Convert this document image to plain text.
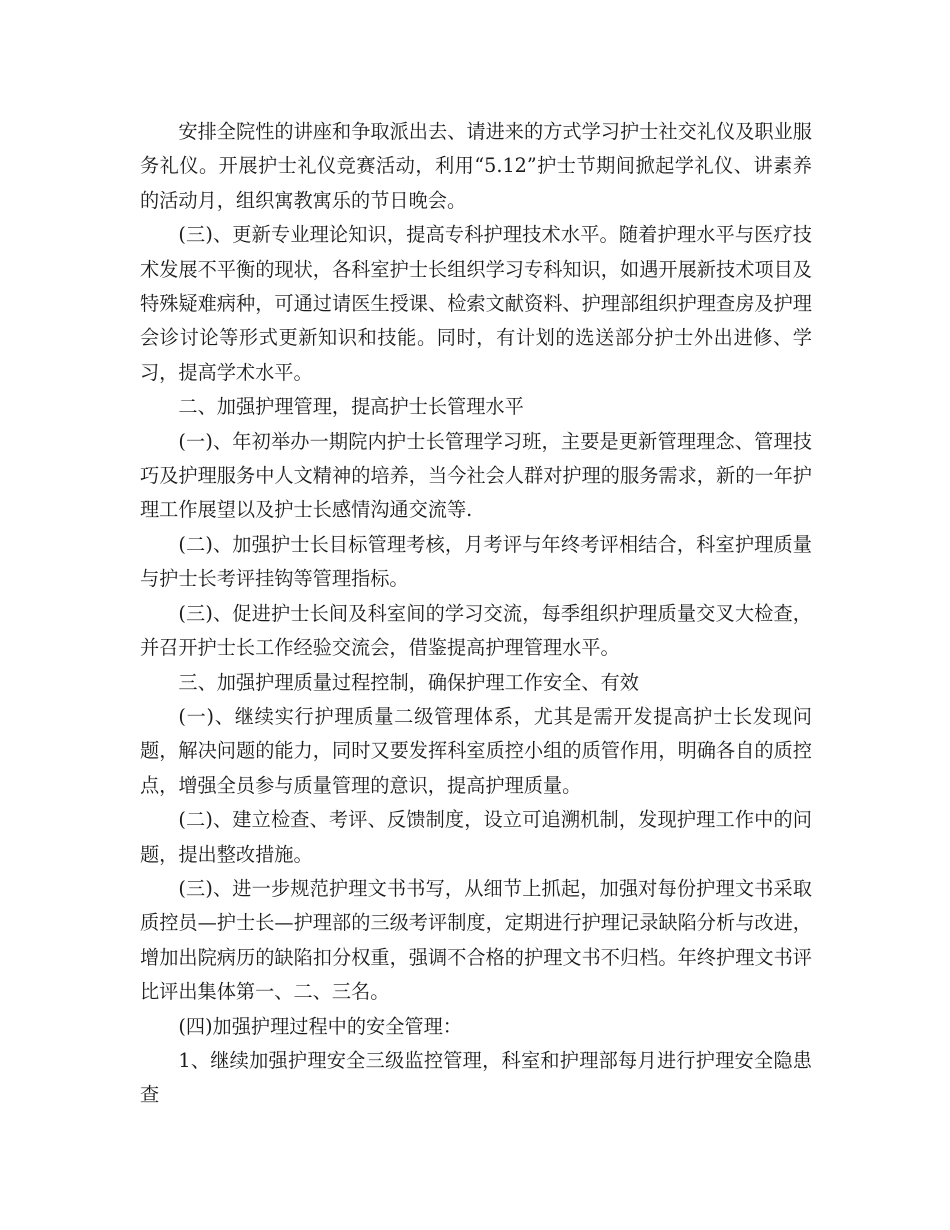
安排全院性的讲座和争取派出去、请进来的方式学习护士社交礼仪及职业服务礼仪。开展护士礼仪竞赛活动，利用“5.12”护士节期间掀起学礼仪、讲素养的活动月，组织寓教寓乐的节日晚会。

(三)、更新专业理论知识，提高专科护理技术水平。随着护理水平与医疗技术发展不平衡的现状，各科室护士长组织学习专科知识，如遇开展新技术项目及特殊疑难病种，可通过请医生授课、检索文献资料、护理部组织护理查房及护理会诊讨论等形式更新知识和技能。同时，有计划的选送部分护士外出进修、学习，提高学术水平。

二、加强护理管理，提高护士长管理水平

(一)、年初举办一期院内护士长管理学习班，主要是更新管理理念、管理技巧及护理服务中人文精神的培养，当今社会人群对护理的服务需求，新的一年护理工作展望以及护士长感情沟通交流等.

(二)、加强护士长目标管理考核，月考评与年终考评相结合，科室护理质量与护士长考评挂钩等管理指标。

(三)、促进护士长间及科室间的学习交流，每季组织护理质量交叉大检查，并召开护士长工作经验交流会，借鉴提高护理管理水平。

三、加强护理质量过程控制，确保护理工作安全、有效

(一)、继续实行护理质量二级管理体系，尤其是需开发提高护士长发现问题，解决问题的能力，同时又要发挥科室质控小组的质管作用，明确各自的质控点，增强全员参与质量管理的意识，提高护理质量。

(二)、建立检查、考评、反馈制度，设立可追溯机制，发现护理工作中的问题，提出整改措施。

(三)、进一步规范护理文书书写，从细节上抓起，加强对每份护理文书采取质控员—护士长—护理部的三级考评制度，定期进行护理记录缺陷分析与改进，增加出院病历的缺陷扣分权重，强调不合格的护理文书不归档。年终护理文书评比评出集体第一、二、三名。

(四)加强护理过程中的安全管理：

1、继续加强护理安全三级监控管理，科室和护理部每月进行护理安全隐患查
